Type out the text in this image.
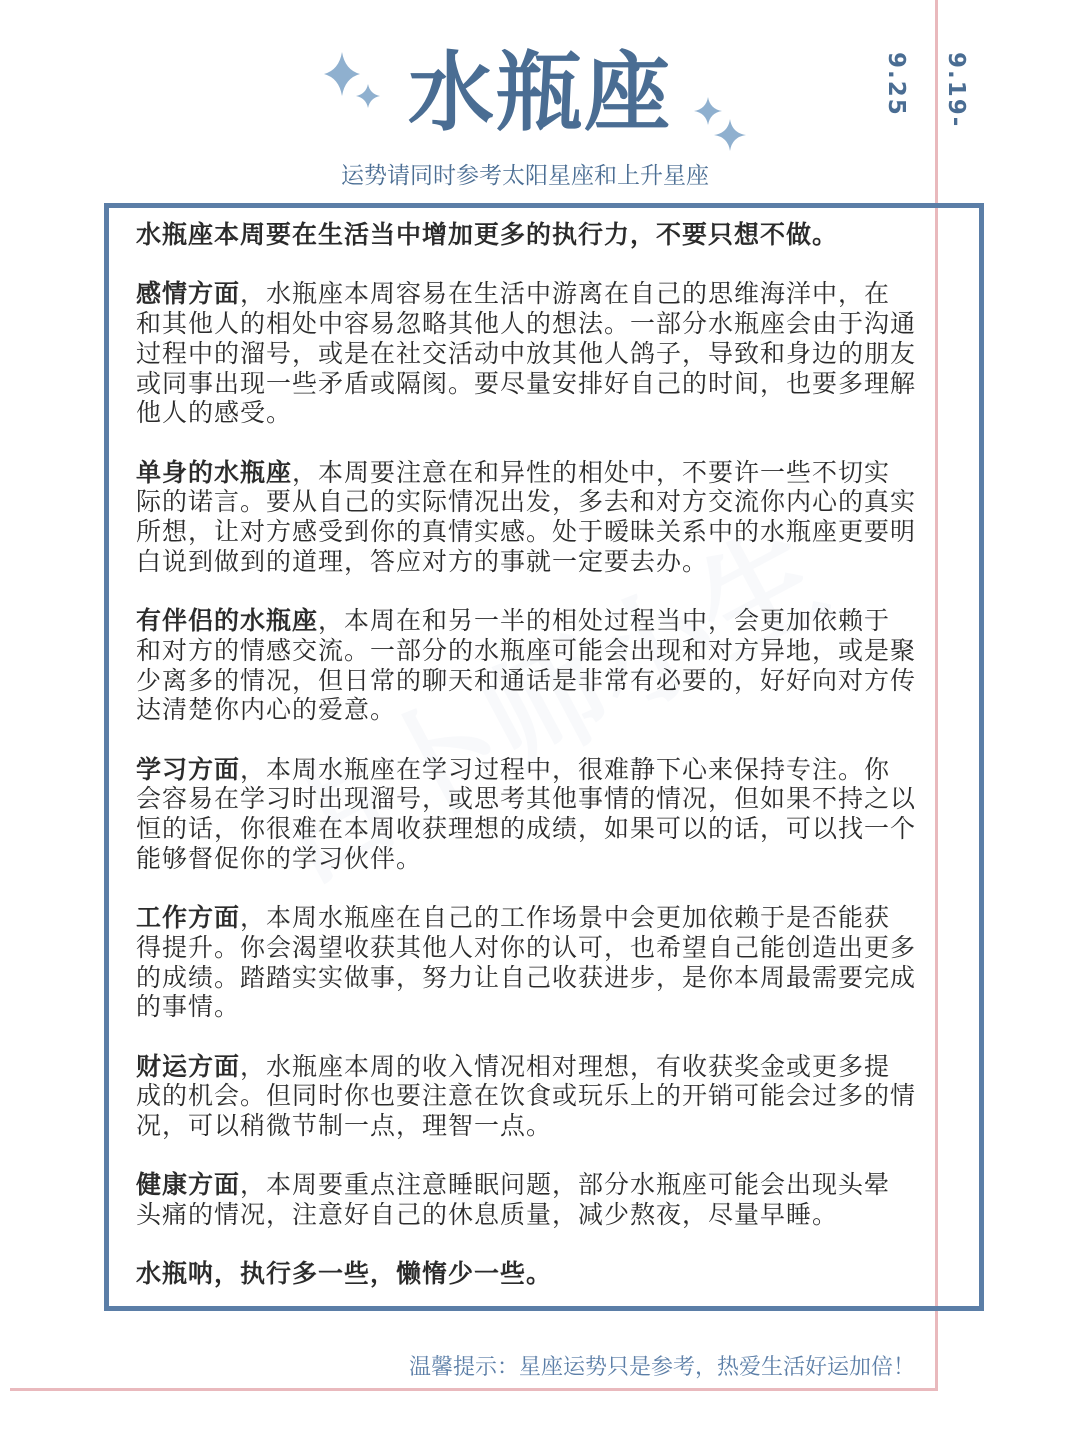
水瓶座
运势请同时参考太阳星座和上升星座
9.19-9.25

水瓶座本周要在生活当中增加更多的执行力，不要只想不做。

感情方面，水瓶座本周容易在生活中游离在自己的思维海洋中，在和其他人的相处中容易忽略其他人的想法。一部分水瓶座会由于沟通过程中的溜号，或是在社交活动中放其他人鸽子，导致和身边的朋友或同事出现一些矛盾或隔阂。要尽量安排好自己的时间，也要多理解他人的感受。

单身的水瓶座，本周要注意在和异性的相处中，不要许一些不切实际的诺言。要从自己的实际情况出发，多去和对方交流你内心的真实所想，让对方感受到你的真情实感。处于暧昧关系中的水瓶座更要明白说到做到的道理，答应对方的事就一定要去办。

有伴侣的水瓶座，本周在和另一半的相处过程当中，会更加依赖于和对方的情感交流。一部分的水瓶座可能会出现和对方异地，或是聚少离多的情况，但日常的聊天和通话是非常有必要的，好好向对方传达清楚你内心的爱意。

学习方面，本周水瓶座在学习过程中，很难静下心来保持专注。你会容易在学习时出现溜号，或思考其他事情的情况，但如果不持之以恒的话，你很难在本周收获理想的成绩，如果可以的话，可以找一个能够督促你的学习伙伴。

工作方面，本周水瓶座在自己的工作场景中会更加依赖于是否能获得提升。你会渴望收获其他人对你的认可，也希望自己能创造出更多的成绩。踏踏实实做事，努力让自己收获进步，是你本周最需要完成的事情。

财运方面，水瓶座本周的收入情况相对理想，有收获奖金或更多提成的机会。但同时你也要注意在饮食或玩乐上的开销可能会过多的情况，可以稍微节制一点，理智一点。

健康方面，本周要重点注意睡眠问题，部分水瓶座可能会出现头晕头痛的情况，注意好自己的休息质量，减少熬夜，尽量早睡。

水瓶呐，执行多一些，懒惰少一些。

温馨提示：星座运势只是参考，热爱生活好运加倍！
